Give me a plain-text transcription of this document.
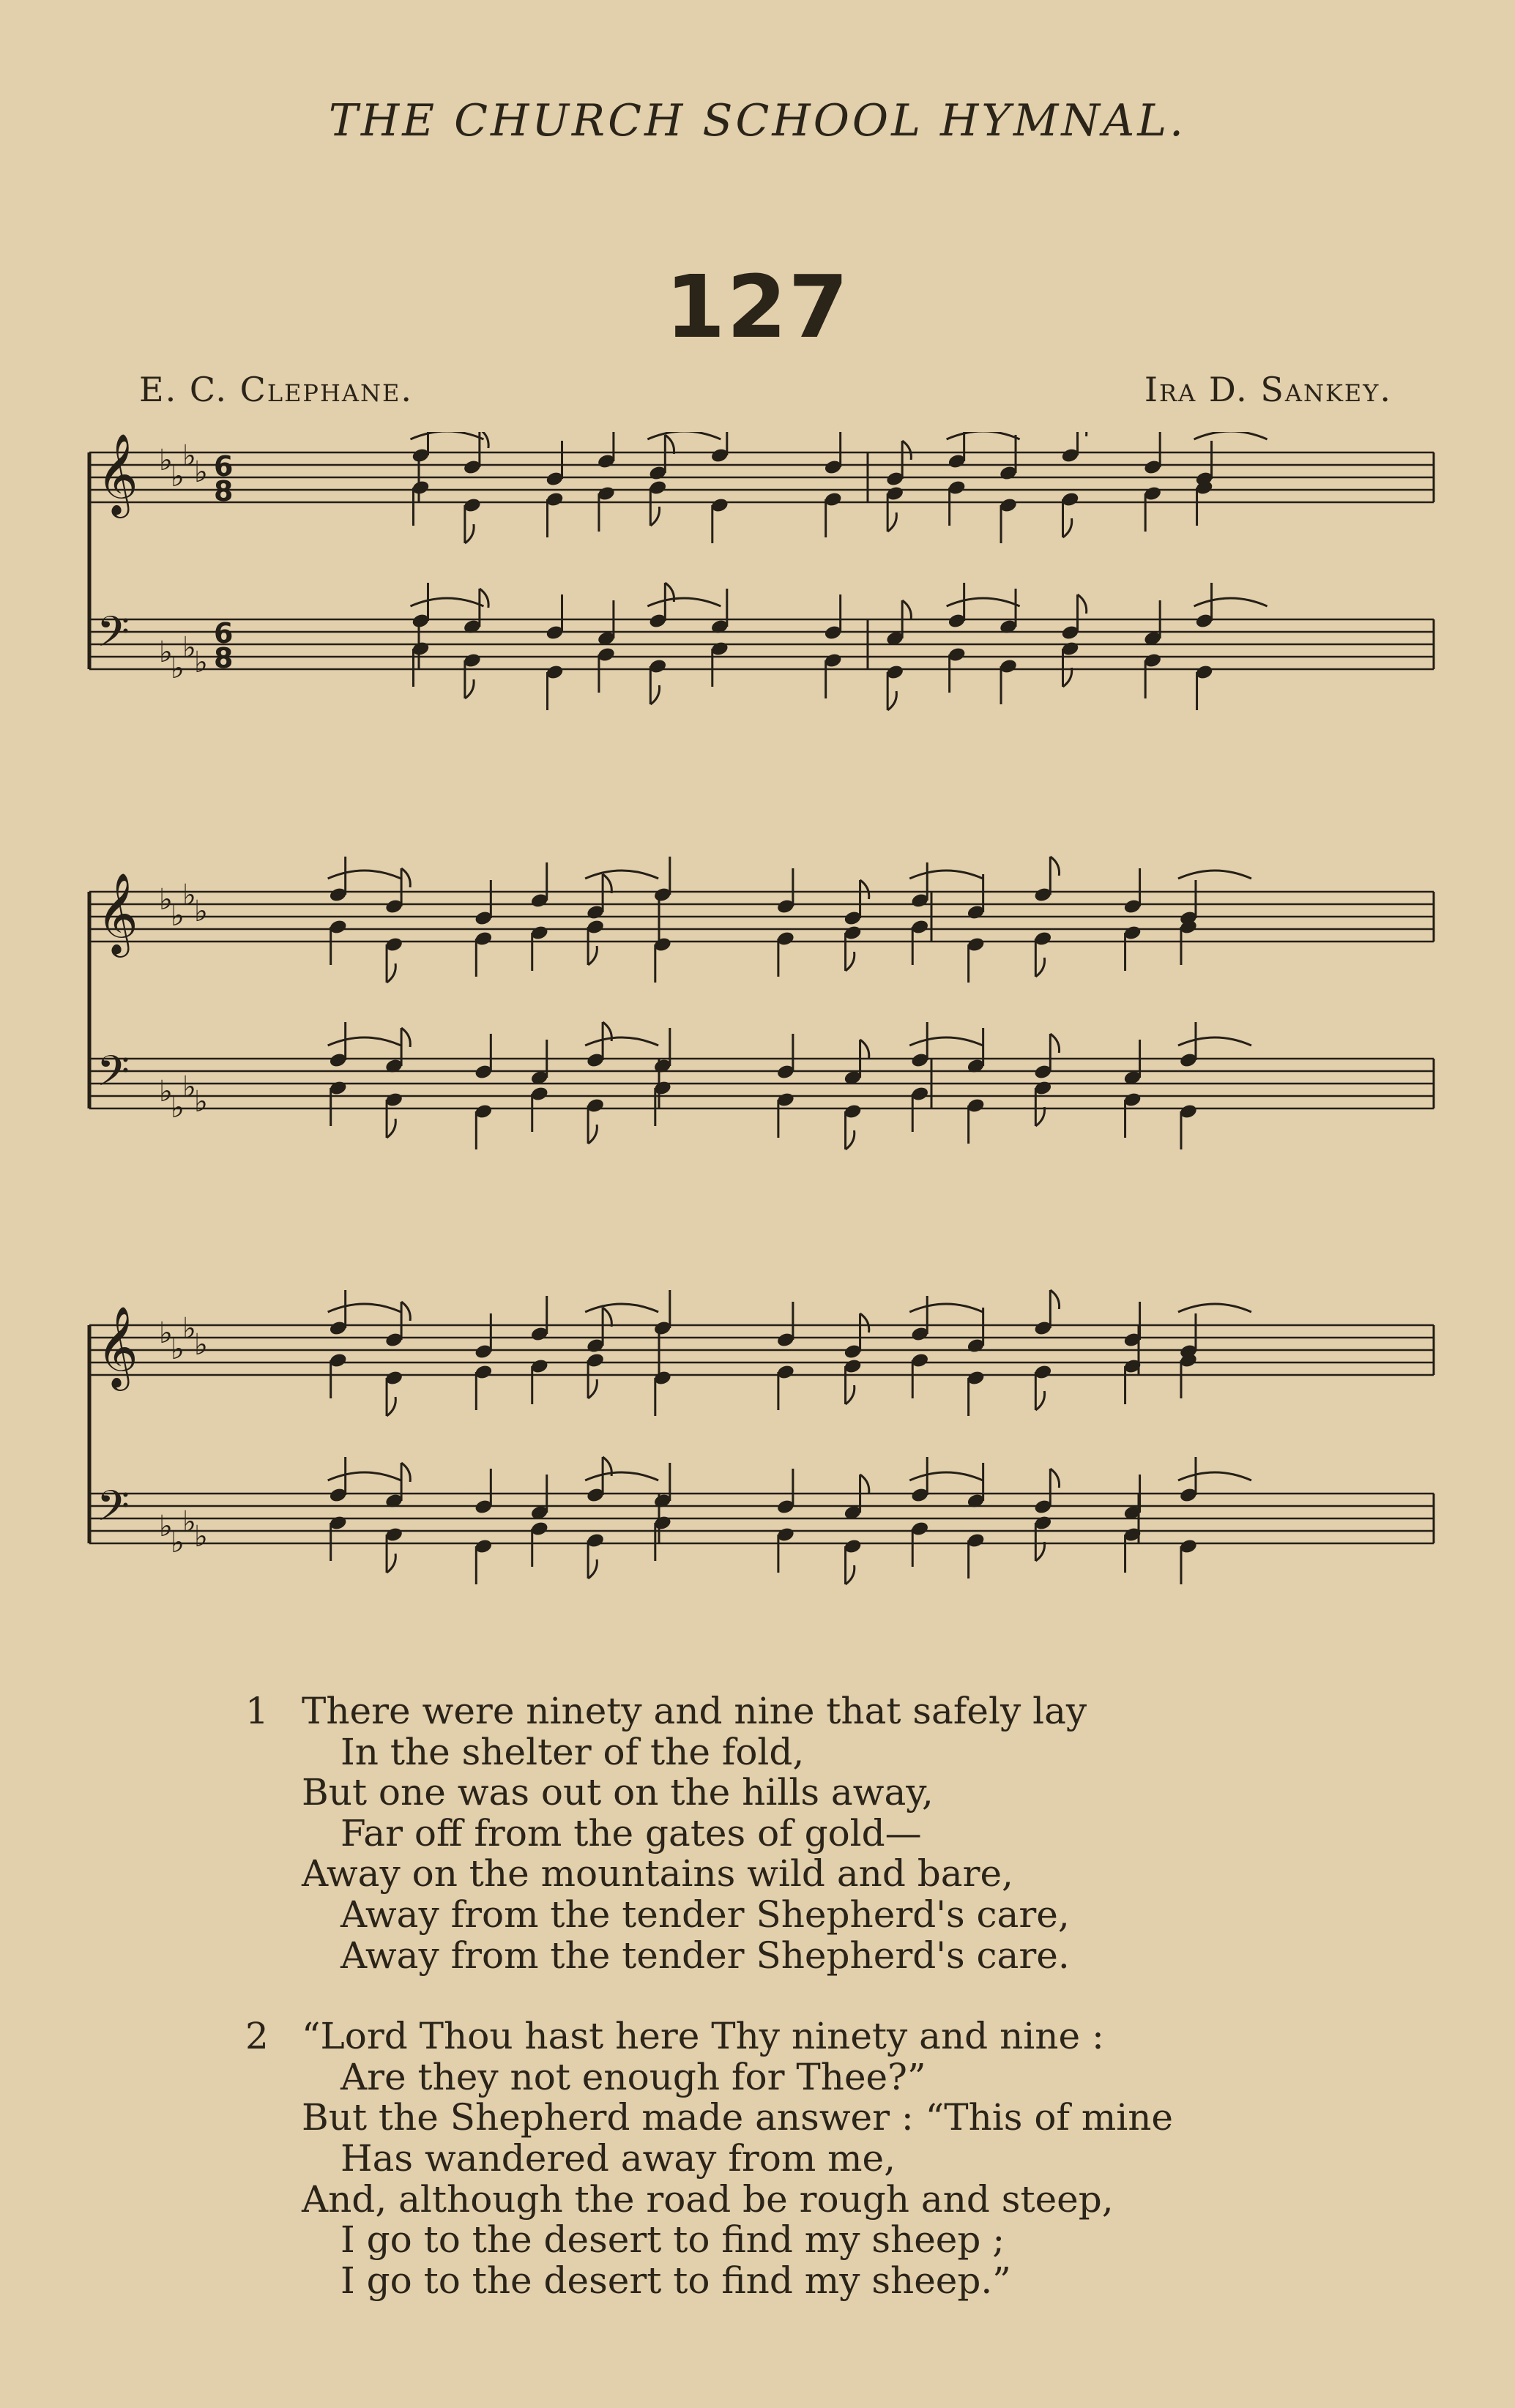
THE CHURCH SCHOOL HYMNAL.
127
E. C. Clephane.	Ira D. Sankey.
𝄞 ♭
♭
♭
♭ 6
8
𝄢 ♭
♭
♭
♭
6
8
𝄞 ♭
♭
♭
♭
𝄢 ♭
♭
♭
♭
𝄞 ♭
♭
♭
♭
𝄢 ♭
♭
♭
♭
1 There were ninety and nine that safely lay
In the shelter of the fold,
But one was out on the hills away,
Far off from the gates of gold—
Away on the mountains wild and bare,
Away from the tender Shepherd's care,
Away from the tender Shepherd's care.
2 “Lord Thou hast here Thy ninety and nine :
Are they not enough for Thee?”
But the Shepherd made answer : “This of mine
Has wandered away from me,
And, although the road be rough and steep,
I go to the desert to find my sheep ;
I go to the desert to find my sheep.”
